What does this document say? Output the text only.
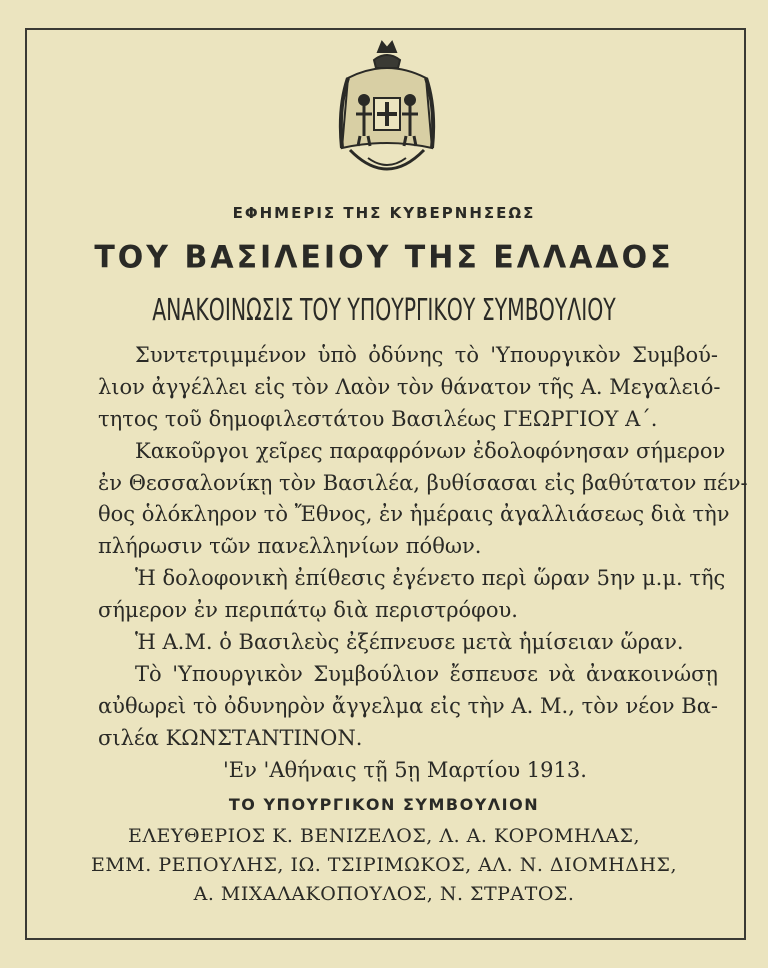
ΕΦΗΜΕΡΙΣ ΤΗΣ ΚΥΒΕΡΝΗΣΕΩΣ
ΤΟΥ ΒΑΣΙΛΕΙΟΥ ΤΗΣ ΕΛΛΑΔΟΣ
ΑΝΑΚΟΙΝΩΣΙΣ ΤΟΥ ΥΠΟΥΡΓΙΚΟΥ ΣΥΜΒΟΥΛΙΟΥ
Συντετριμμένον ὑπὸ ὀδύνης τὸ 'Υπουργικὸν Συμβού-
λιον ἀγγέλλει εἰς τὸν Λαὸν τὸν θάνατον τῆς Α. Μεγαλειό-
τητος τοῦ δημοφιλεστάτου Βασιλέως ΓΕΩΡΓΙΟΥ Α΄.
Κακοῦργοι χεῖρες παραφρόνων ἐδολοφόνησαν σήμερον
ἐν Θεσσαλονίκῃ τὸν Βασιλέα, βυθίσασαι εἰς βαθύτατον πέν-
θος ὁλόκληρον τὸ Ἔθνος, ἐν ἡμέραις ἀγαλλιάσεως διὰ τὴν
πλήρωσιν τῶν πανελληνίων πόθων.
Ἡ δολοφονικὴ ἐπίθεσις ἐγένετο περὶ ὥραν 5ην μ.μ. τῆς
σήμερον ἐν περιπάτῳ διὰ περιστρόφου.
Ἡ Α.Μ. ὁ Βασιλεὺς ἐξέπνευσε μετὰ ἡμίσειαν ὥραν.
Τὸ 'Υπουργικὸν Συμβούλιον ἔσπευσε νὰ ἀνακοινώσῃ
αὐθωρεὶ τὸ ὀδυνηρὸν ἄγγελμα εἰς τὴν Α. Μ., τὸν νέον Βα-
σιλέα ΚΩΝΣΤΑΝΤΙΝΟΝ.
'Εν 'Αθήναις τῇ 5ῃ Μαρτίου 1913.
ΤΟ ΥΠΟΥΡΓΙΚΟΝ ΣΥΜΒΟΥΛΙΟΝ
ΕΛΕΥΘΕΡΙΟΣ Κ. ΒΕΝΙΖΕΛΟΣ, Λ. Α. ΚΟΡΟΜΗΛΑΣ,
ΕΜΜ. ΡΕΠΟΥΛΗΣ, ΙΩ. ΤΣΙΡΙΜΩΚΟΣ, ΑΛ. Ν. ΔΙΟΜΗΔΗΣ,
Α. ΜΙΧΑΛΑΚΟΠΟΥΛΟΣ, Ν. ΣΤΡΑΤΟΣ.
